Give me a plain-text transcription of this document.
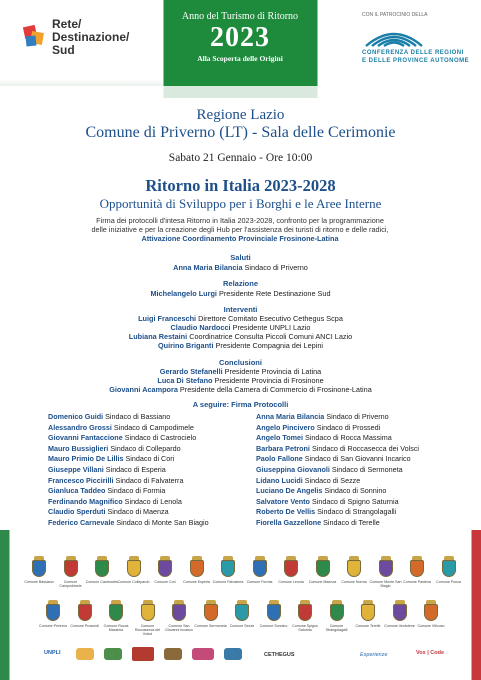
Rete/
Destinazione/
Sud
Anno del Turismo di Ritorno
2023
Alla Scoperta delle Origini
CON IL PATROCINIO DELLA
CONFERENZA DELLE REGIONI
E DELLE PROVINCE AUTONOME
Regione Lazio
Comune di Priverno (LT) - Sala delle Cerimonie
Sabato 21 Gennaio - Ore 10:00
Ritorno in Italia 2023-2028
Opportunità di Sviluppo per i Borghi e le Aree Interne
Firma dei protocolli d'intesa Ritorno in Italia 2023-2028, confronto per la programmazione
delle iniziative e per la creazione degli Hub per l'assistenza dei turisti di ritorno e delle radici,
Attivazione Coordinamento Provinciale Frosinone-Latina
Saluti
Anna Maria Bilancia Sindaco di Priverno
Relazione
Michelangelo Lurgi Presidente Rete Destinazione Sud
Interventi
Luigi Franceschi Direttore Comitato Esecutivo Cethegus Scpa
Claudio Nardocci Presidente UNPLI Lazio
Lubiana Restaini Coordinatrice Consulta Piccoli Comuni ANCI Lazio
Quirino Briganti Presidente Compagnia dei Lepini
Conclusioni
Gerardo Stefanelli Presidente Provincia di Latina
Luca Di Stefano Presidente Provincia di Frosinone
Giovanni Acampora Presidente della Camera di Commercio di Frosinone-Latina
A seguire: Firma Protocolli
Domenico Guidi Sindaco di Bassiano
Alessandro Grossi Sindaco di Campodimele
Giovanni Fantaccione Sindaco di Castrocielo
Mauro Bussiglieri Sindaco di Collepardo
Mauro Primio De Lillis Sindaco di Cori
Giuseppe Villani Sindaco di Esperia
Francesco Piccirilli Sindaco di Falvaterra
Gianluca Taddeo Sindaco di Formia
Ferdinando Magnifico Sindaco di Lenola
Claudio Sperduti Sindaco di Maenza
Federico Carnevale Sindaco di Monte San Biagio
Anna Maria Bilancia Sindaco di Priverno
Angelo Pincivero Sindaco di Prossedi
Angelo Tomei Sindaco di Rocca Massima
Barbara Petroni Sindaco di Roccasecca dei Volsci
Paolo Fallone Sindaco di San Giovanni Incarico
Giuseppina Giovanoli Sindaco di Sermoneta
Lidano Lucidi Sindaco di Sezze
Luciano De Angelis Sindaco di Sonnino
Salvatore Vento Sindaco di Spigno Saturnia
Roberto De Vellis Sindaco di Strangolagalli
Fiorella Gazzellone Sindaco di Terelle
Comune Bassiano	Comune Campodimele
Comune Castrocielo Comune Collepardo	Comune Cori	Comune Esperia Comune Falvaterra Comune Formia	Comune Lenola	Comune Maenza	Comune Norma Comune Monte San Biagio
Comune Pastena	Comune Ponza
Comune Priverno Comune Prossedi	Comune Rocca Massima
Comune Roccasecca dei Volsci
Comune San Giovanni Incarico
Comune Sermoneta Comune Sezze	Comune Sonnino	Comune Spigno Saturnia
Comune Strangolagalli
Comune Terelle Comune Ventotene Comune Viticuso
UNPLI	CETHEGUS	Esperienze	Vox | Code
